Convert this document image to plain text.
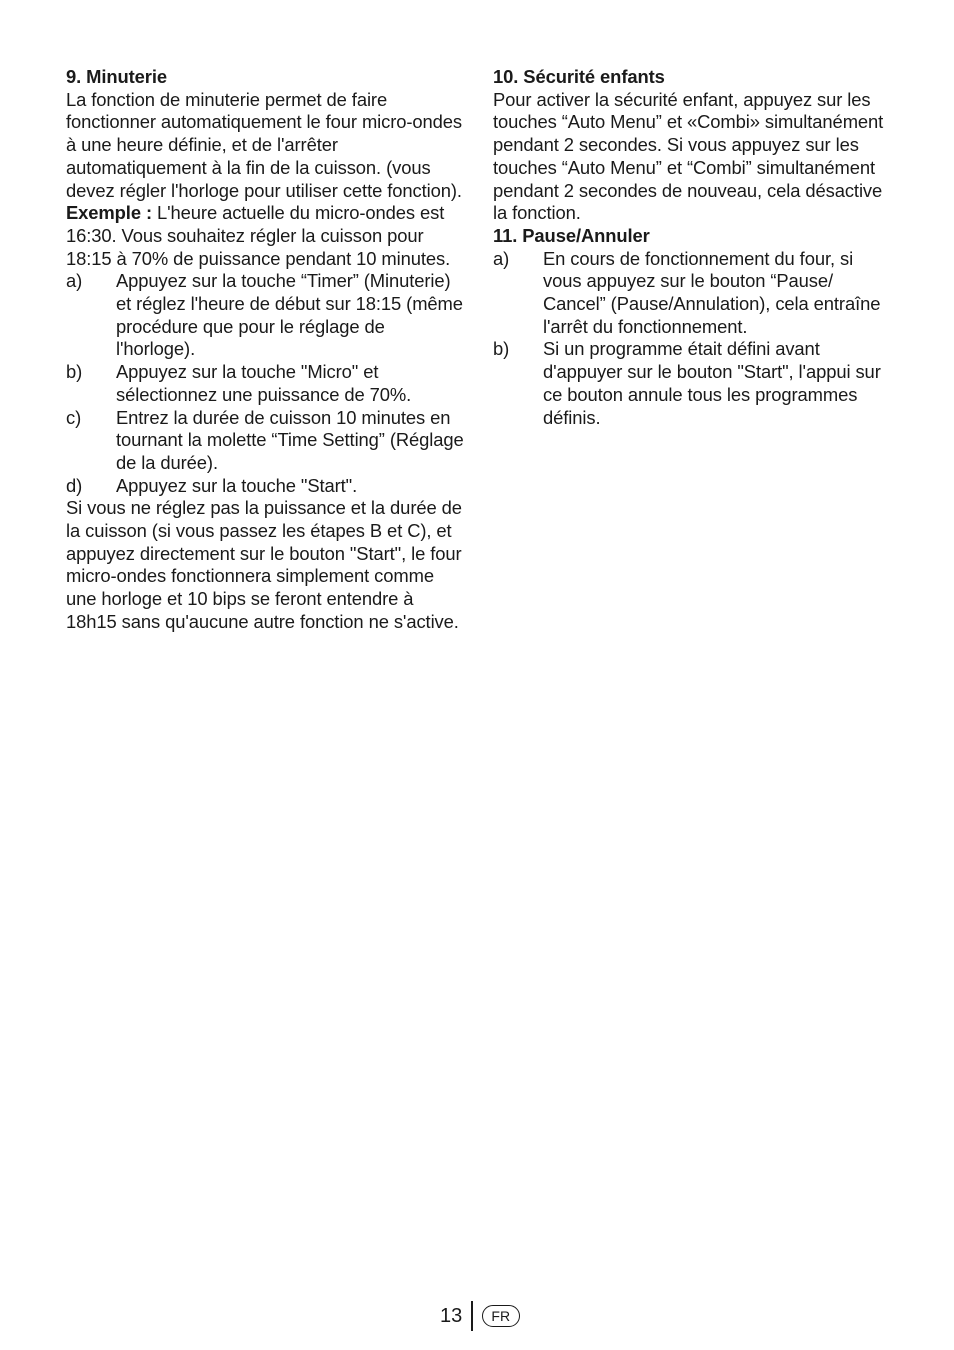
9. Minuterie

La fonction de minuterie permet de faire fonctionner automatiquement le four micro-ondes à une heure définie, et de l'arrêter automatiquement à la fin de la cuisson. (vous devez régler l'horloge pour utiliser cette fonction).

Exemple : L'heure actuelle du micro-ondes est 16:30. Vous souhaitez régler la cuisson pour 18:15 à 70% de puissance pendant 10 minutes.

a)	Appuyez sur la touche “Timer” (Minuterie) et réglez l'heure de début sur 18:15 (même procédure que pour le réglage de l'horloge).
b)	Appuyez sur la touche "Micro" et sélectionnez une puissance de 70%.
c)	Entrez la durée de cuisson 10 minutes en tournant la molette “Time Setting” (Réglage de la durée).
d)	Appuyez sur la touche "Start".

Si vous ne réglez pas la puissance et la durée de la cuisson (si vous passez les étapes B et C), et appuyez directement sur le bouton "Start", le four micro-ondes fonctionnera simplement comme une horloge et 10 bips se feront entendre à 18h15 sans qu'aucune autre fonction ne s'active.

10. Sécurité enfants

Pour activer la sécurité enfant, appuyez sur les touches “Auto Menu” et «Combi» simultanément pendant 2 secondes. Si vous appuyez sur les touches “Auto Menu” et “Combi” simultanément pendant 2 secondes de nouveau, cela désactive la fonction.

11. Pause/Annuler

a)	En cours de fonctionnement du four, si vous appuyez sur le bouton “Pause/ Cancel” (Pause/Annulation), cela entraîne l'arrêt du fonctionnement.
b)	Si un programme était défini avant d'appuyer sur le bouton "Start", l'appui sur ce bouton annule tous les programmes définis.
13	FR
